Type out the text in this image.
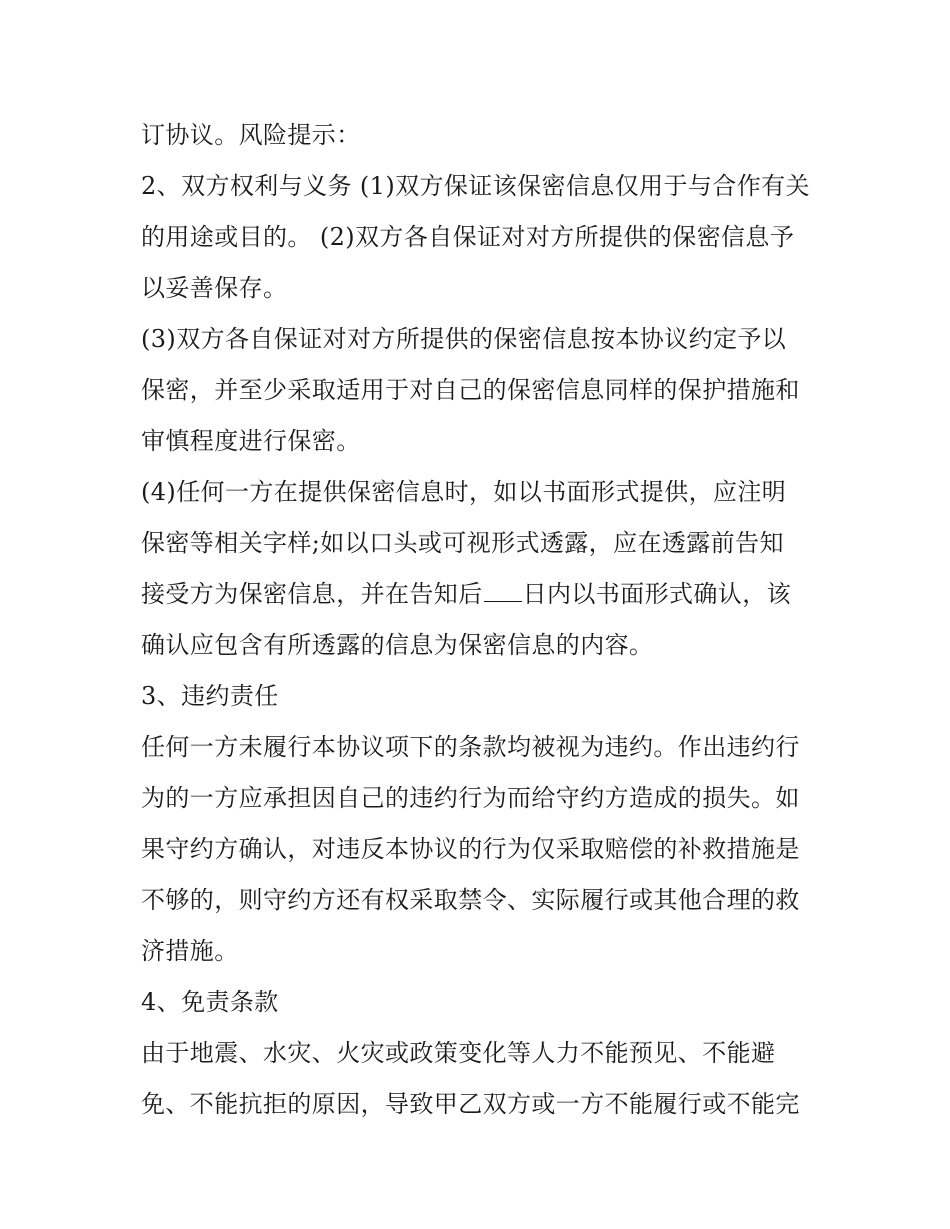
订协议。风险提示：
2、双方权利与义务 (1)双方保证该保密信息仅用于与合作有关
的用途或目的。 (2)双方各自保证对对方所提供的保密信息予
以妥善保存。
(3)双方各自保证对对方所提供的保密信息按本协议约定予以
保密，并至少采取适用于对自己的保密信息同样的保护措施和
审慎程度进行保密。
(4)任何一方在提供保密信息时，如以书面形式提供，应注明
保密等相关字样;如以口头或可视形式透露，应在透露前告知
接受方为保密信息，并在告知后 日内以书面形式确认，该
确认应包含有所透露的信息为保密信息的内容。
3、违约责任
任何一方未履行本协议项下的条款均被视为违约。作出违约行
为的一方应承担因自己的违约行为而给守约方造成的损失。如
果守约方确认，对违反本协议的行为仅采取赔偿的补救措施是
不够的，则守约方还有权采取禁令、实际履行或其他合理的救
济措施。
4、免责条款
由于地震、水灾、火灾或政策变化等人力不能预见、不能避
免、不能抗拒的原因，导致甲乙双方或一方不能履行或不能完
